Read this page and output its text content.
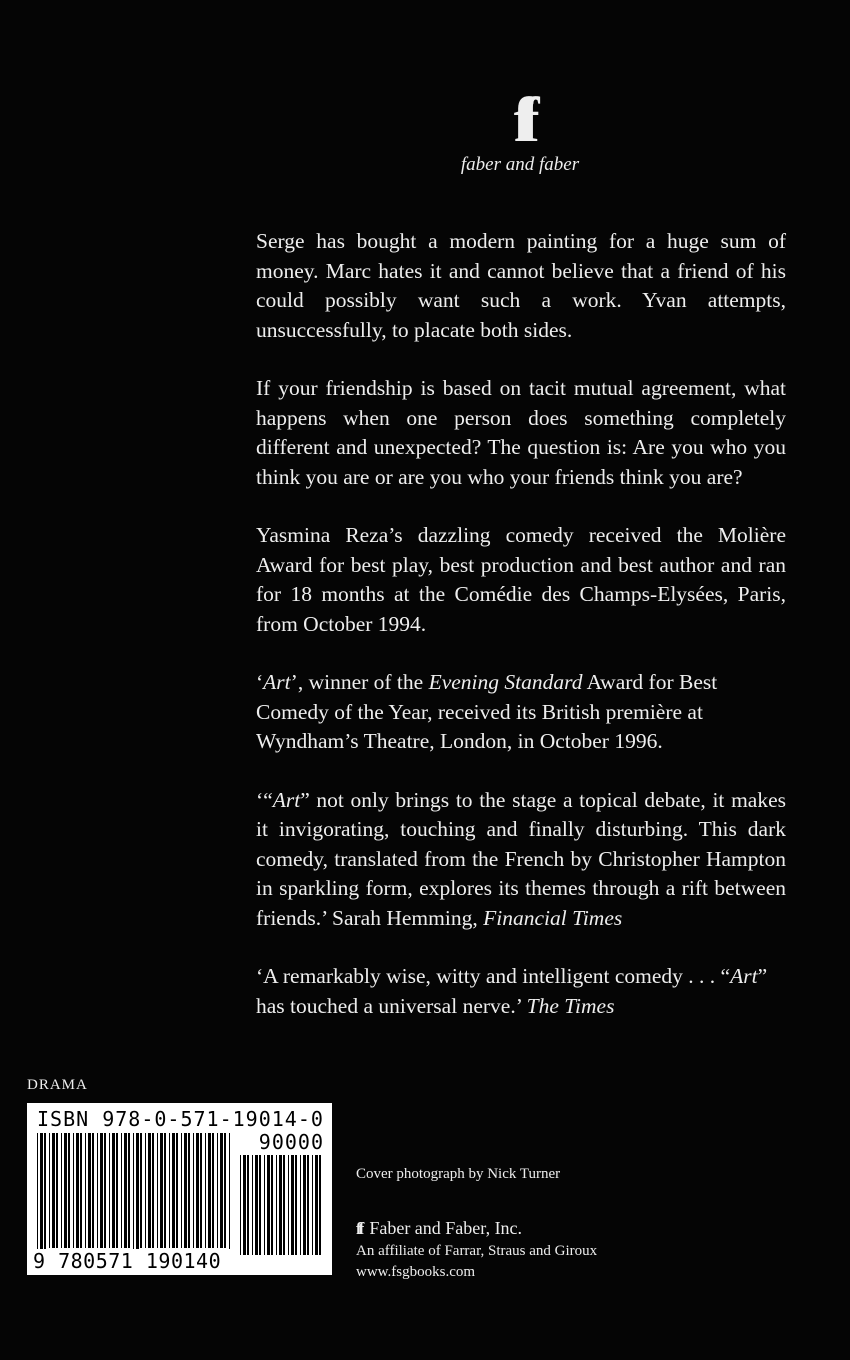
ff
faber and faber

Serge has bought a modern painting for a huge sum of money. Marc hates it and cannot believe that a friend of his could possibly want such a work. Yvan attempts, unsuccessfully, to placate both sides.

If your friendship is based on tacit mutual agreement, what happens when one person does something completely different and unexpected? The question is: Are you who you think you are or are you who your friends think you are?

Yasmina Reza’s dazzling comedy received the Molière Award for best play, best production and best author and ran for 18 months at the Comédie des Champs-Elysées, Paris, from October 1994.

‘Art’, winner of the Evening Standard Award for Best Comedy of the Year, received its British première at Wyndham’s Theatre, London, in October 1996.

‘“Art” not only brings to the stage a topical debate, it makes it invigorating, touching and finally disturbing. This dark comedy, translated from the French by Christopher Hampton in sparkling form, explores its themes through a rift between friends.’ Sarah Hemming, Financial Times

‘A remarkably wise, witty and intelligent comedy . . . “Art” has touched a universal nerve.’ The Times

DRAMA
ISBN 978-0-571-19014-0
90000
9 780571 190140
Cover photograph by Nick Turner
ff Faber and Faber, Inc.
An affiliate of Farrar, Straus and Giroux
www.fsgbooks.com
